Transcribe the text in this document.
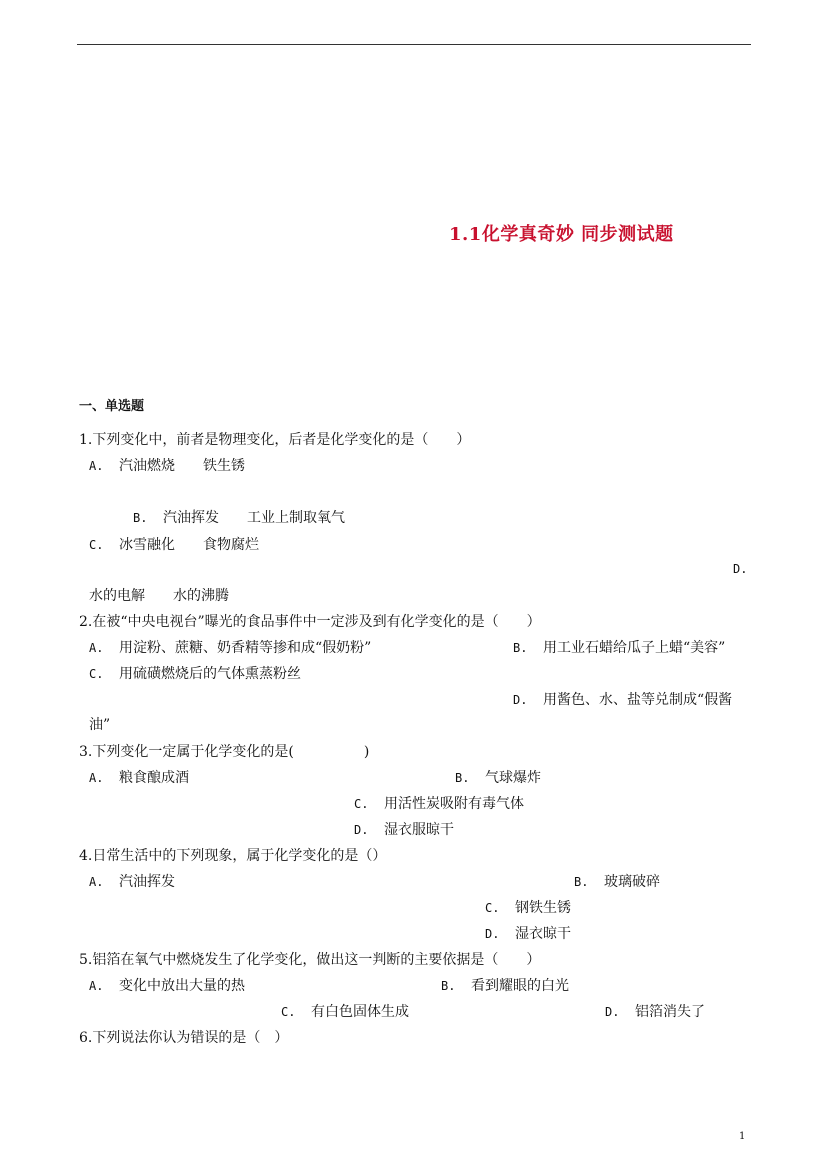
1.1化学真奇妙 同步测试题
一、单选题
1.下列变化中，前者是物理变化，后者是化学变化的是（　　）
A. 汽油燃烧　　铁生锈
B. 汽油挥发　　工业上制取氧气
C. 冰雪融化　　食物腐烂
D.
水的电解　　水的沸腾
2.在被“中央电视台”曝光的食品事件中一定涉及到有化学变化的是（　　）
A. 用淀粉、蔗糖、奶香精等掺和成“假奶粉”	B. 用工业石蜡给瓜子上蜡“美容”
C. 用硫磺燃烧后的气体熏蒸粉丝
D. 用酱色、水、盐等兑制成“假酱
油”
3.下列变化一定属于化学变化的是(　　　　　)
A. 粮食酿成酒	B. 气球爆炸
C. 用活性炭吸附有毒气体
D. 湿衣服晾干
4.日常生活中的下列现象，属于化学变化的是（）
A. 汽油挥发	B. 玻璃破碎
C. 钢铁生锈
D. 湿衣晾干
5.铝箔在氧气中燃烧发生了化学变化，做出这一判断的主要依据是（　　）
A. 变化中放出大量的热	B. 看到耀眼的白光
C. 有白色固体生成	D. 铝箔消失了
6.下列说法你认为错误的是（　）
1
